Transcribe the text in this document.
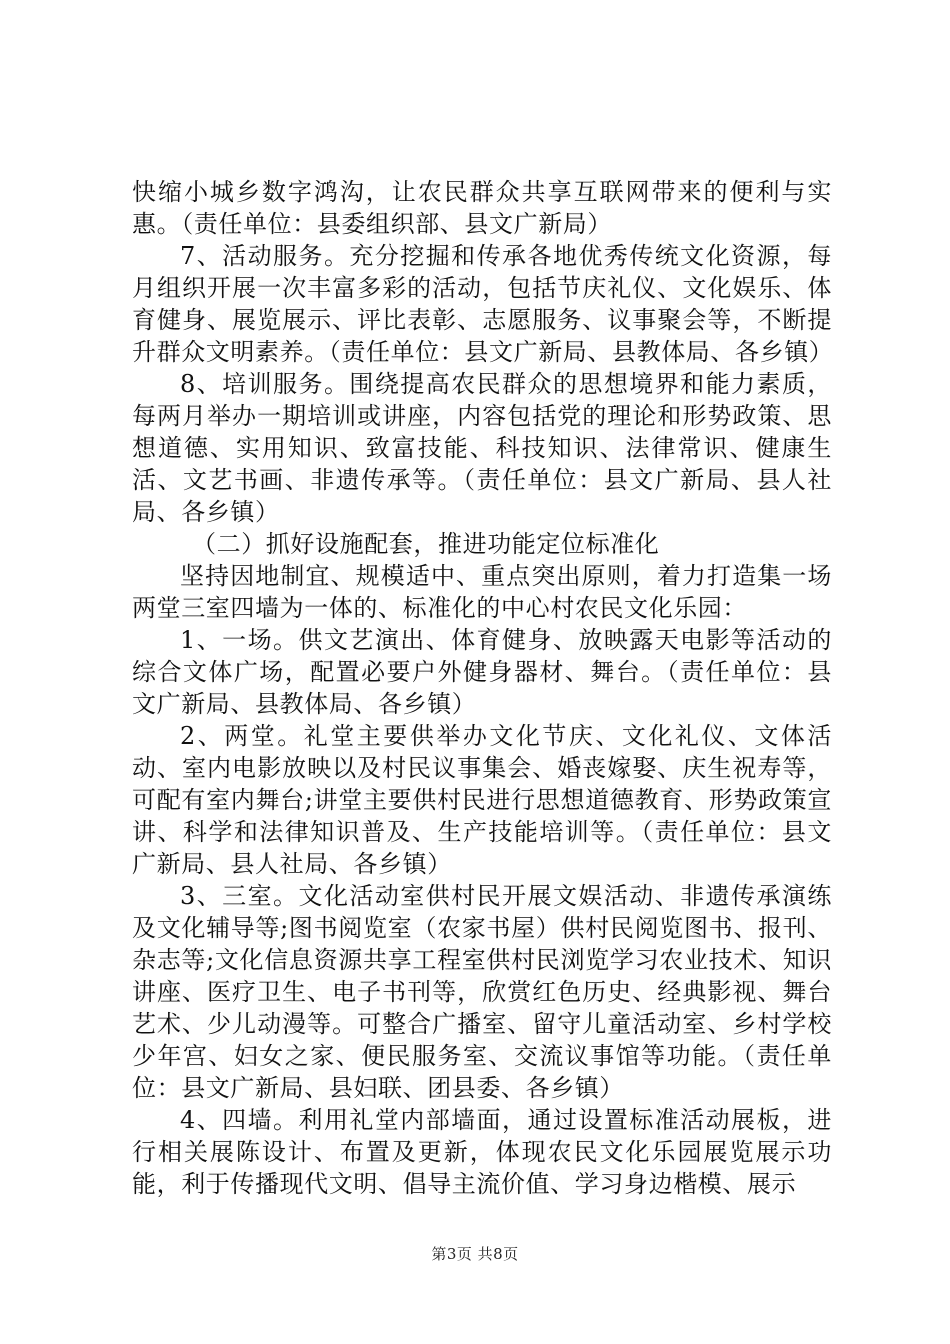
快缩小城乡数字鸿沟，让农民群众共享互联网带来的便利与实惠。（责任单位：县委组织部、县文广新局）

7、活动服务。充分挖掘和传承各地优秀传统文化资源，每月组织开展一次丰富多彩的活动，包括节庆礼仪、文化娱乐、体育健身、展览展示、评比表彰、志愿服务、议事聚会等，不断提升群众文明素养。（责任单位：县文广新局、县教体局、各乡镇）

8、培训服务。围绕提高农民群众的思想境界和能力素质，每两月举办一期培训或讲座，内容包括党的理论和形势政策、思想道德、实用知识、致富技能、科技知识、法律常识、健康生活、文艺书画、非遗传承等。（责任单位：县文广新局、县人社局、各乡镇）

（二）抓好设施配套，推进功能定位标准化

坚持因地制宜、规模适中、重点突出原则，着力打造集一场两堂三室四墙为一体的、标准化的中心村农民文化乐园：

1、一场。供文艺演出、体育健身、放映露天电影等活动的综合文体广场，配置必要户外健身器材、舞台。（责任单位：县文广新局、县教体局、各乡镇）

2、两堂。礼堂主要供举办文化节庆、文化礼仪、文体活动、室内电影放映以及村民议事集会、婚丧嫁娶、庆生祝寿等，可配有室内舞台;讲堂主要供村民进行思想道德教育、形势政策宣讲、科学和法律知识普及、生产技能培训等。（责任单位：县文广新局、县人社局、各乡镇）

3、三室。文化活动室供村民开展文娱活动、非遗传承演练及文化辅导等;图书阅览室（农家书屋）供村民阅览图书、报刊、杂志等;文化信息资源共享工程室供村民浏览学习农业技术、知识讲座、医疗卫生、电子书刊等，欣赏红色历史、经典影视、舞台艺术、少儿动漫等。可整合广播室、留守儿童活动室、乡村学校少年宫、妇女之家、便民服务室、交流议事馆等功能。（责任单位：县文广新局、县妇联、团县委、各乡镇）

4、四墙。利用礼堂内部墙面，通过设置标准活动展板，进行相关展陈设计、布置及更新，体现农民文化乐园展览展示功能，利于传播现代文明、倡导主流价值、学习身边楷模、展示

第3页 共8页
